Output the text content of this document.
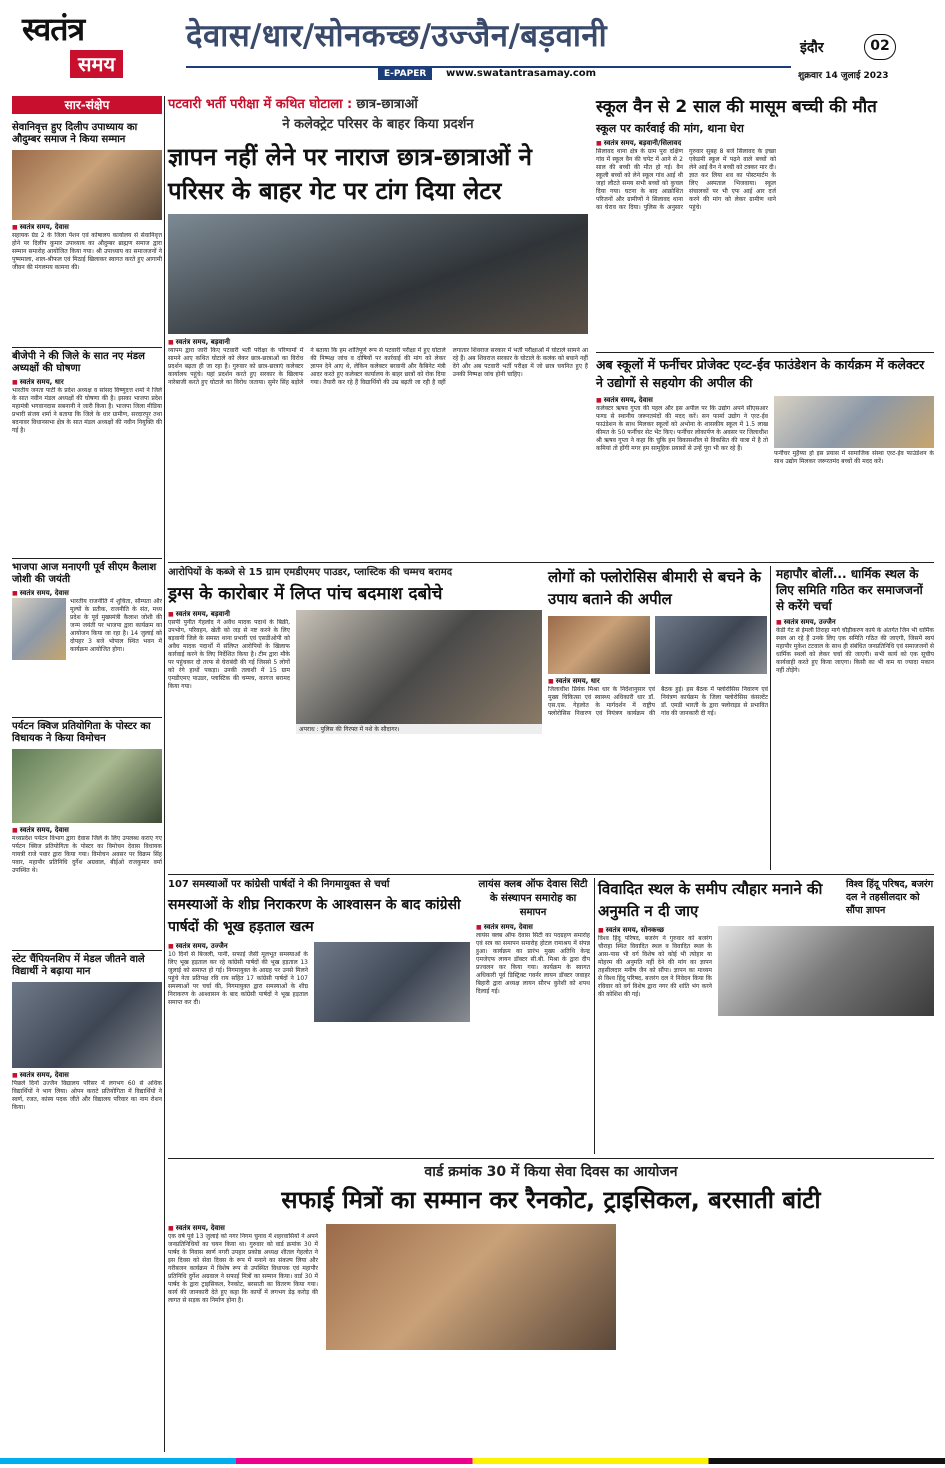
स्वतंत्र
समय
देवास/धार/सोनकच्छ/उज्जैन/बड़वानी
E-PAPER	www.swatantrasamay.com
इंदौर	02
शुक्रवार 14 जुलाई 2023
सार-संक्षेप
सेवानिवृत्त हुए दिलीप उपाध्याय का औदुम्बर समाज ने किया सम्मान
■ स्वतंत्र समय, देवास
सहायक ग्रेड 2 के जिला पेंशन एवं कोषालय कार्यालय से सेवानिवृत्त होने पर दिलीप कुमार उपाध्याय का औदुम्बर ब्राह्मण समाज द्वारा सम्मान समारोह आयोजित किया गया। श्री उपाध्याय का समाजजनों ने पुष्पमाला, शाल-श्रीफल एवं मिठाई खिलाकर स्वागत करते हुए आगामी जीवन की मंगलमय कामना की।
बीजेपी ने की जिले के सात नए मंडल अध्यक्षों की घोषणा
■ स्वतंत्र समय, धार
भारतीय जनता पार्टी के प्रदेश अध्यक्ष व सांसद विष्णुदत्त शर्मा ने जिले के सात नवीन मंडल अध्यक्षों की घोषणा की है। इसका भाजपा प्रदेश महामंत्री भगवानदास सबनानी ने जारी किया है। भाजपा जिला मीडिया प्रभारी संजय शर्मा ने बताया कि जिले के धार ग्रामीण, सरदारपुर तथा बदनावर विधानसभा क्षेत्र के सात मंडल अध्यक्षों की नवीन नियुक्ति की गई है।
भाजपा आज मनाएगी पूर्व सीएम कैलाश जोशी की जयंती
■ स्वतंत्र समय, देवास
भारतीय राजनीति में शुचिता, सौम्यता और मूल्यों के प्रतीक, राजनीति के संत, मध्य प्रदेश के पूर्व मुख्यमंत्री कैलाश जोशी की जन्म जयंती पर भाजपा द्वारा कार्यक्रम का आयोजन किया जा रहा है। 14 जुलाई को दोपहर 3 बजे भोपाल स्थित भवन में कार्यक्रम आयोजित होगा।
पर्यटन क्विज प्रतियोगिता के पोस्टर का विधायक ने किया विमोचन
■ स्वतंत्र समय, देवास
मध्यप्रदेश पर्यटन विभाग द्वारा देवास जिले के लिए उपलब्ध कराए गए पर्यटन क्विज प्रतियोगिता के पोस्टर का विमोचन देवास विधायक गायत्री राजे पवार द्वारा किया गया। विमोचन अवसर पर विक्रम सिंह पवार, महापौर प्रतिनिधि दुर्गेश अग्रवाल, बीईओ राजकुमार वर्मा उपस्थित थे।
स्टेट चैंपियनशिप में मेडल जीतने वाले विद्यार्थी ने बढ़ाया मान
■ स्वतंत्र समय, देवास
पिछले दिनों उज्जैन विद्यालय परिसर में लगभग 60 से अधिक विद्यार्थियों ने भाग लिया। ओपन कराटे प्रतियोगिता में विद्यार्थियों ने स्वर्ण, रजत, कांस्य पदक जीते और विद्यालय परिवार का नाम रोशन किया।
पटवारी भर्ती परीक्षा में कथित घोटाला : छात्र-छात्राओं
ने कलेक्ट्रेट परिसर के बाहर किया प्रदर्शन
ज्ञापन नहीं लेने पर नाराज छात्र-छात्राओं ने परिसर के बाहर गेट पर टांग दिया लेटर
■ स्वतंत्र समय, बड़वानी
व्यापम द्वारा जारी किए पटवारी भर्ती परीक्षा के परिणामों में सामने आए कथित घोटाले को लेकर छात्र-छात्राओं का विरोध प्रदर्शन बढ़ता ही जा रहा है। गुरुवार को छात्र-छात्राएं कलेक्टर कार्यालय पहुंचे। यहां प्रदर्शन करते हुए सरकार के खिलाफ नारेबाजी करते हुए घोटाले का विरोध जताया। सुमेर सिंह बड़ोले ने बताया कि हम शांतिपूर्ण रूप से पटवारी परीक्षा में हुए घोटाले की निष्पक्ष जांच व दोषियों पर कार्रवाई की मांग को लेकर ज्ञापन देने आए थे, लेकिन कलेक्टर बरवानी और कैबिनेट मंत्री आदर करते हुए कलेक्टर कार्यालय के बाहर छात्रों को रोक दिया गया। तैयारी कर रहे हैं विद्यार्थियों की उम्र बढ़ती जा रही है वहीं लगातार शिवराज सरकार में भर्ती परीक्षाओं में घोटाले सामने आ रहे हैं। अब शिवराज सरकार के घोटाले के कलंक को बचाने नहीं देंगे और अब पटवारी भर्ती परीक्षा में जो छात्र चयनित हुए हैं उनकी निष्पक्ष जांच होनी चाहिए।
स्कूल वैन से 2 साल की मासूम बच्ची की मौत
स्कूल पर कार्रवाई की मांग, थाना घेरा
■ स्वतंत्र समय, बड़वानी/सिलावद
सिलावद थाना क्षेत्र के ग्राम पुरा दक्षिण गांव में स्कूल वैन की चपेट में आने से 2 साल की बच्ची की मौत हो गई। वैन स्कूली बच्चों को लेने स्कूल गांव आई थी जहां लौटते समय सभी बच्चों को कुचल दिया गया। घटना के बाद आक्रोशित परिजनों और ग्रामीणों ने सिलावद थाना का घेराव कर दिया। पुलिस के अनुसार गुरुवार सुबह 8 बजे सिलावद के इच्छा एकेडमी स्कूल में पढ़ने वाले बच्चों को लेने आई वैन ने बच्ची को टक्कर मार दी। ज्ञात कर लिया शव का पोस्टमार्टम के लिए अस्पताल भिजवाया। स्कूल संचालकों पर भी एफ आई आर दर्ज करने की मांग को लेकर ग्रामीण थाने पहुंचे।
अब स्कूलों में फर्नीचर प्रोजेक्ट एव्ट-ईव फाउंडेशन के कार्यक्रम में कलेक्टर ने उद्योगों से सहयोग की अपील की
■ स्वतंत्र समय, देवास
कलेक्टर ऋषव गुप्ता की पहल और इस अपील पर कि उद्योग अपने सीएसआर फण्ड से स्थानीय जरूरतमंदों की मदद करें। सन फार्मा उद्योग ने एव्ट-ईव फाउंडेशन के साथ मिलकर स्कूलों को अभोना के शासकीय स्कूल में 1.5 लाख कीमत के 50 फर्नीचर सेट भेंट किए। फर्नीचर लोकार्पण के अवसर पर जिलाधीश श्री ऋषव गुप्ता ने कहा कि चुकि हम विकासशील से विकसित की यात्रा में है तो कमियां तो होंगी मगर हम सामूहिक प्रयासों से उन्हें पूरा भी कर रहे हैं।
फर्नीचर मुहैय्या हो इस प्रयास में सामाजिक संस्था एव्ट-ईव फाउंडेशन के साथ उद्योग मिलकर जरूरतमंद बच्चों की मदद करें।
आरोपियों के कब्जे से 15 ग्राम एमडीएमए पाउडर, प्लास्टिक की चम्मच बरामद
ड्रग्स के कारोबार में लिप्त पांच बदमाश दबोचे
■ स्वतंत्र समय, बड़वानी
एसपी पुनीत गेहलोद ने अवैध मादक पदार्थ के बिक्री, उपभोग, परिवहन, खेती को जड़ से नष्ट करने के लिए बड़वानी जिले के समस्त थाना प्रभारी एवं एसडीओपी को अवैध मादक पदार्थों में संलिप्त आरोपियों के खिलाफ कार्रवाई करने के लिए निर्देशित किया है। टीम द्वारा मौके पर पहुंचकर दो तरफ से घेराबंदी की गई जिससे 5 लोगों को रंगे हाथों पकड़ा। उनकी तलाशी में 15 ग्राम एमडीएमए पाउडर, प्लास्टिक की चम्मच, कागज बरामद किया गया।
अपराध : पुलिस की गिरफ्त में नशे के सौदागर।
लोगों को फ्लोरोसिस बीमारी से बचने के उपाय बताने की अपील
■ स्वतंत्र समय, धार
जिलाधीश प्रियंक मिश्रा धार के निर्देशानुसार एवं मुख्य चिकित्सा एवं स्वास्थ्य अधिकारी धार डॉ. एस.एस. गेहलोत के मार्गदर्शन में राष्ट्रीय फ्लोरोसिस निवारण एवं नियंत्रण कार्यक्रम की बैठक हुई। इस बैठक में फ्लोरोसिस निवारण एवं नियंत्रण कार्यक्रम के जिला फ्लोरोसिस कंसल्टेंट डॉ. एमडी भारती के द्वारा फ्लोराइड से प्रभावित गांव की जानकारी दी गई।
महापौर बोलीं... धार्मिक स्थल के लिए समिति गठित कर समाजजनों से करेंगे चर्चा
■ स्वतंत्र समय, उज्जैन
केडी गेट से ईमली तिराहा मार्ग चौड़ीकरण कार्य के अंतर्गत जिन भी धार्मिक स्थल आ रहे हैं उनके लिए एक समिति गठित की जाएगी, जिसमें स्वयं महापौर मुकेश टटवाल के साथ ही संबंधित जनप्रतिनिधि एवं समाजजनों से धार्मिक स्थलों को लेकर चर्चा की जाएगी। सभी कार्य को एक सूचीय कार्यवाही करते हुए किया जाएगा। किसी का भी कम या ज्यादा मकान नहीं तोड़ेंगे।
107 समस्याओं पर कांग्रेसी पार्षदों ने की निगमायुक्त से चर्चा
समस्याओं के शीघ्र निराकरण के आश्वासन के बाद कांग्रेसी पार्षदों की भूख हड़ताल खत्म
■ स्वतंत्र समय, उज्जैन
10 दिनों से बिजली, पानी, सफाई जैसी मूलभूत समस्याओं के लिए भूख हड़ताल कर रहे कांग्रेसी पार्षदों की भूख हड़ताल 13 जुलाई को समाप्त हो गई। निगमायुक्त के आग्रह पर उनसे मिलने पहुंचे नेता प्रतिपक्ष रवि राय सहित 17 कांग्रेसी पार्षदों ने 107 समस्याओं पर चर्चा की, निगमायुक्त द्वारा समस्याओं के शीघ्र निराकरण के आश्वासन के बाद कांग्रेसी पार्षदों ने भूख हड़ताल समाप्त कर दी।
लायंस क्लब ऑफ देवास सिटी के संस्थापन समारोह का समापन
■ स्वतंत्र समय, देवास
लायंस क्लब ऑफ देवास सिटी का पदग्रहण समारोह एवं सत्र का समापन समारोह होटल रामाश्रय में संपन्न हुआ। कार्यक्रम का प्रारंभ मुख्य अतिथि केन्द्र एमजेएफ लायन डॉक्टर सी.बी. मिश्रा के द्वारा दीप प्रज्वलन कर किया गया। कार्यक्रम के स्वागत अधिकारी पूर्व डिस्ट्रिक्ट गवर्नर लायन डॉक्टर जवाहर बिहारी द्वारा अध्यक्ष लायन सौरभ कुरेशी को शपथ दिलाई गई।
विवादित स्थल के समीप त्यौहार मनाने की अनुमति न दी जाए
विश्व हिंदू परिषद, बजरंग दल ने तहसीलदार को सौंपा ज्ञापन
■ स्वतंत्र समय, सोनकच्छ
विश्व हिंदू परिषद, बजरंग ने गुरुवार को बजरंग चौराहा स्थित विवादित स्थल व विवादित स्थल के आस-पास भी वर्ग विशेष को कोई भी त्योहार या मोहरम की अनुमति नहीं देने की मांग का ज्ञापन तहसीलदार मनीष जैन को सौंपा। ज्ञापन का माध्यम से विश्व हिंदू परिषद, बजरंग दल ने निवेदन किया कि रविवार को वर्ग विशेष द्वारा नगर की शांति भंग करने की कोशिश की गई।
वार्ड क्रमांक 30 में किया सेवा दिवस का आयोजन
सफाई मित्रों का सम्मान कर रैनकोट, ट्राइसिकल, बरसाती बांटी
■ स्वतंत्र समय, देवास
एक वर्ष पूर्व 13 जुलाई को नगर निगम चुनाव में शहरवासियों ने अपने जनप्रतिनिधियों का चयन किया था। गुरुवार को वार्ड क्रमांक 30 में पार्षद के निवास स्वर्ण नगरी उपहार प्रकोष्ठ अध्यक्ष शीतल गेहलोत ने इस दिवस को सेवा दिवस के रूप में मनाने का संकल्प लिया और गरीबजन कार्यक्रम में विशेष रूप से उपस्थित विधायक एवं महापौर प्रतिनिधि दुर्गेश अग्रवाल ने सफाई मित्रों का सम्मान किया। वार्ड 30 में पार्षद के द्वारा ट्राइसिकल, रैनकोट, बरसाती का वितरण किया गया। कार्य की जानकारी देते हुए कहा कि कार्यों में लगभग डेढ़ करोड़ की लागत से सड़क का निर्माण होना है।
